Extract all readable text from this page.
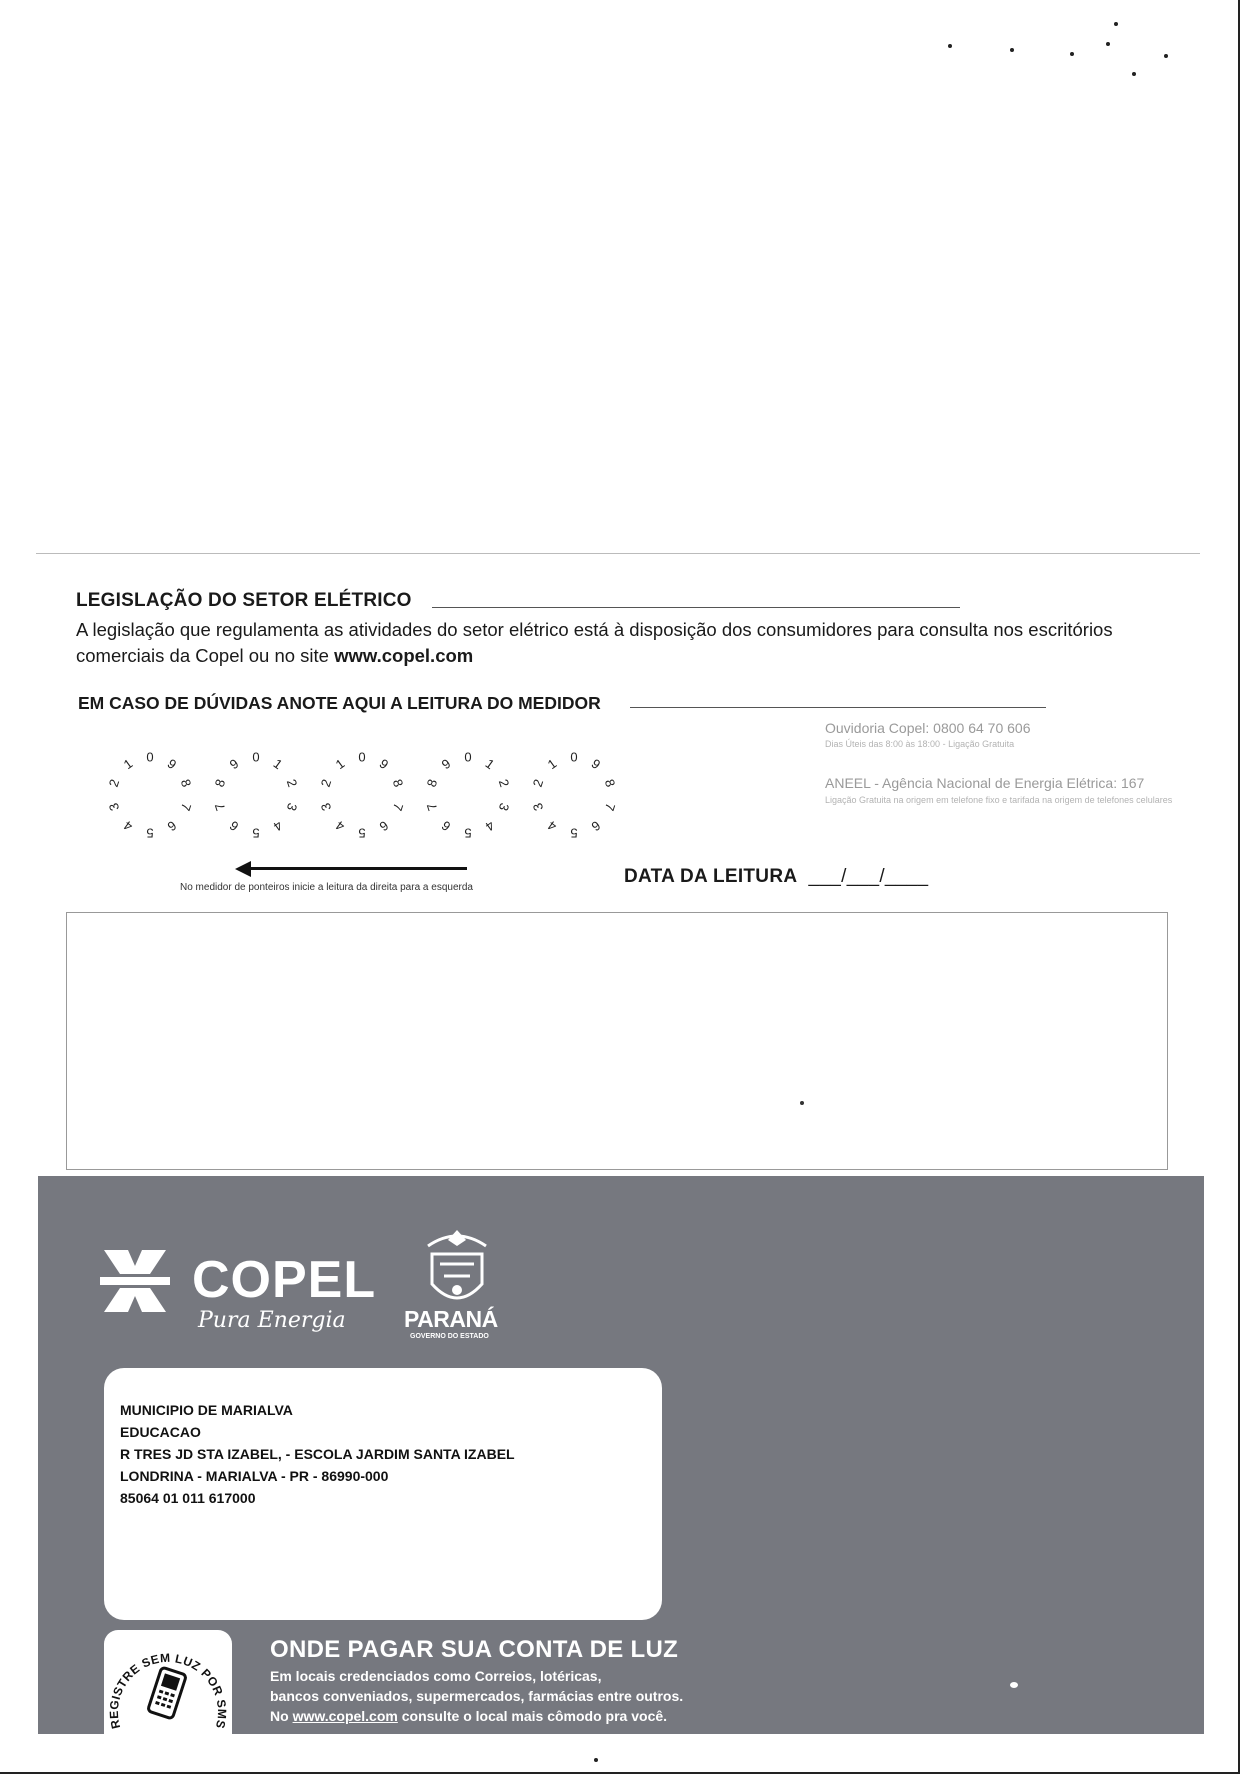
LEGISLAÇÃO DO SETOR ELÉTRICO
A legislação que regulamenta as atividades do setor elétrico está à disposição dos consumidores para consulta nos escritórios comerciais da Copel ou no site www.copel.com
EM CASO DE DÚVIDAS ANOTE AQUI A LEITURA DO MEDIDOR
0
1
2
3
4 5 6
7
8
9	0 1
2
3
4
5
6
7
8
9	0
1
2
3
4 5 6
7
8
9	0 1
2
3
4
5
6
7
8
9	0
1
2
3
4 5 6
7
8
9
No medidor de ponteiros inicie a leitura da direita para a esquerda
DATA DA LEITURA ___/___/____
Ouvidoria Copel: 0800 64 70 606
Dias Úteis das 8:00 às 18:00 - Ligação Gratuita
ANEEL - Agência Nacional de Energia Elétrica: 167
Ligação Gratuita na origem em telefone fixo e tarifada na origem de telefones celulares
COPEL
Pura Energia	PARANÁ
GOVERNO DO ESTADO
MUNICIPIO DE MARIALVA
EDUCACAO
R TRES JD STA IZABEL, - ESCOLA JARDIM SANTA IZABEL
LONDRINA - MARIALVA - PR - 86990-000
85064 01 011 617000
REGISTRE SEM LUZ POR SMS
ONDE PAGAR SUA CONTA DE LUZ
Em locais credenciados como Correios, lotéricas,
bancos conveniados, supermercados, farmácias entre outros.
No www.copel.com consulte o local mais cômodo pra você.
